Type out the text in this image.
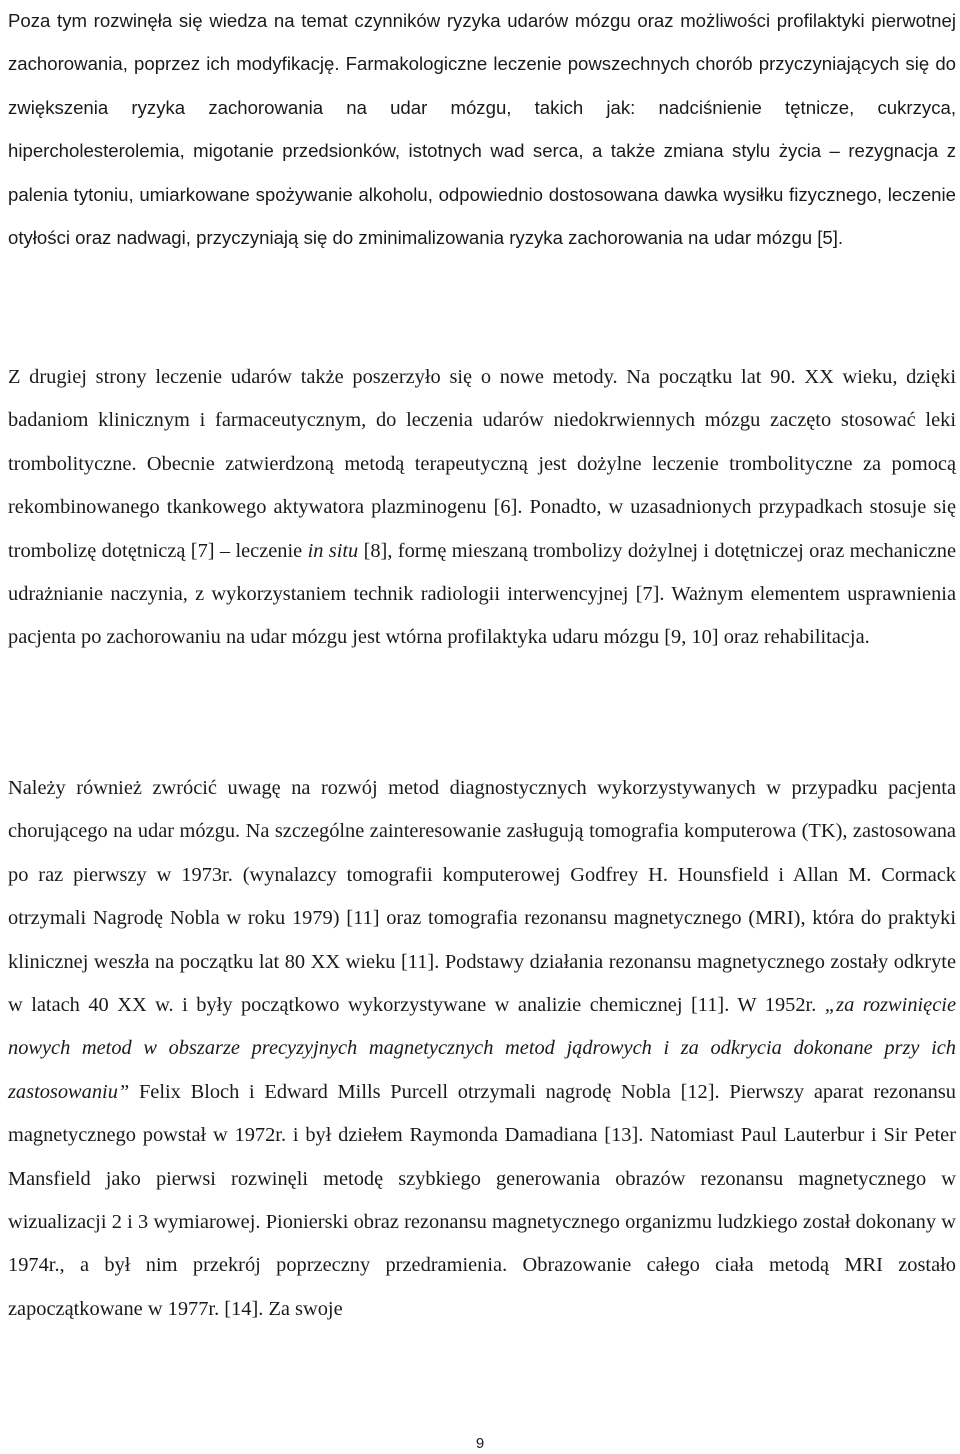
Poza tym rozwinęła się wiedza na temat czynników ryzyka udarów mózgu oraz możliwości profilaktyki pierwotnej zachorowania, poprzez ich modyfikację. Farmakologiczne leczenie powszechnych chorób przyczyniających się do zwiększenia ryzyka zachorowania na udar mózgu, takich jak: nadciśnienie tętnicze, cukrzyca, hipercholesterolemia, migotanie przedsionków, istotnych wad serca, a także zmiana stylu życia – rezygnacja z palenia tytoniu, umiarkowane spożywanie alkoholu, odpowiednio dostosowana dawka wysiłku fizycznego, leczenie otyłości oraz nadwagi, przyczyniają się do zminimalizowania ryzyka zachorowania na udar mózgu [5].

Z drugiej strony leczenie udarów także poszerzyło się o nowe metody. Na początku lat 90. XX wieku, dzięki badaniom klinicznym i farmaceutycznym, do leczenia udarów niedokrwiennych mózgu zaczęto stosować leki trombolityczne. Obecnie zatwierdzoną metodą terapeutyczną jest dożylne leczenie trombolityczne za pomocą rekombinowanego tkankowego aktywatora plazminogenu [6]. Ponadto, w uzasadnionych przypadkach stosuje się trombolizę dotętniczą [7] – leczenie in situ [8], formę mieszaną trombolizy dożylnej i dotętniczej oraz mechaniczne udrażnianie naczynia, z wykorzystaniem technik radiologii interwencyjnej [7]. Ważnym elementem usprawnienia pacjenta po zachorowaniu na udar mózgu jest wtórna profilaktyka udaru mózgu [9, 10] oraz rehabilitacja.

Należy również zwrócić uwagę na rozwój metod diagnostycznych wykorzystywanych w przypadku pacjenta chorującego na udar mózgu. Na szczególne zainteresowanie zasługują tomografia komputerowa (TK), zastosowana po raz pierwszy w 1973r. (wynalazcy tomografii komputerowej Godfrey H. Hounsfield i Allan M. Cormack otrzymali Nagrodę Nobla w roku 1979) [11] oraz tomografia rezonansu magnetycznego (MRI), która do praktyki klinicznej weszła na początku lat 80 XX wieku [11]. Podstawy działania rezonansu magnetycznego zostały odkryte w latach 40 XX w. i były początkowo wykorzystywane w analizie chemicznej [11]. W 1952r. „za rozwinięcie nowych metod w obszarze precyzyjnych magnetycznych metod jądrowych i za odkrycia dokonane przy ich zastosowaniu” Felix Bloch i Edward Mills Purcell otrzymali nagrodę Nobla [12]. Pierwszy aparat rezonansu magnetycznego powstał w 1972r. i był dziełem Raymonda Damadiana [13]. Natomiast Paul Lauterbur i Sir Peter Mansfield jako pierwsi rozwinęli metodę szybkiego generowania obrazów rezonansu magnetycznego w wizualizacji 2 i 3 wymiarowej. Pionierski obraz rezonansu magnetycznego organizmu ludzkiego został dokonany w 1974r., a był nim przekrój poprzeczny przedramienia. Obrazowanie całego ciała metodą MRI zostało zapoczątkowane w 1977r. [14]. Za swoje

9
